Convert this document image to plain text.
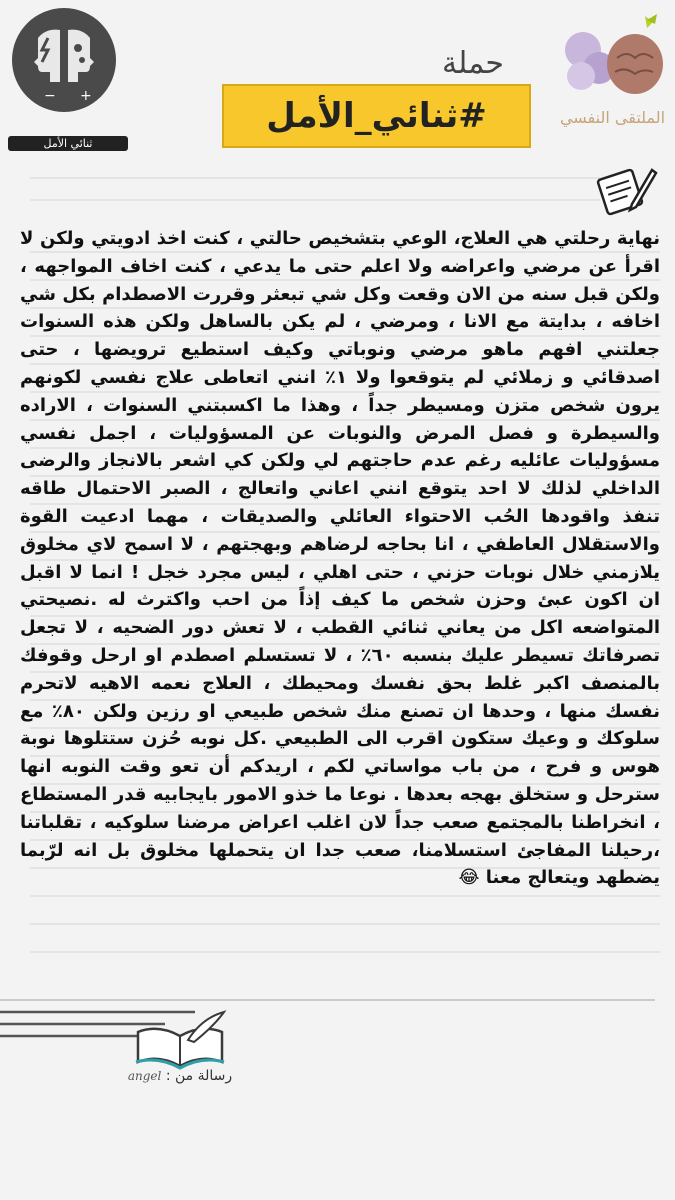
− +
ثنائي الأمل
حملة
#ثنائي_الأمل	الملتقى النفسي
نهاية رحلتي هي العلاج، الوعي بتشخيص حالتي ، كنت اخذ ادويتي ولكن لا اقرأ عن مرضي واعراضه ولا اعلم حتى ما يدعي ، كنت اخاف المواجهه ، ولكن قبل سنه من الان وقعت وكل شي تبعثر وقررت الاصطدام بكل شي اخافه ، بدايتة مع الانا ، ومرضي ، لم يكن بالساهل ولكن هذه السنوات جعلتني افهم ماهو مرضي ونوباتي وكيف استطيع ترويضها ، حتى اصدقائي و زملائي لم يتوقعوا ولا ١٪ انني اتعاطى علاج نفسي لكونهم يرون شخص متزن ومسيطر جداً ، وهذا ما اكسبتني السنوات ، الاراده والسيطرة و فصل المرض والنوبات عن المسؤوليات ، اجمل نفسي مسؤوليات عائليه رغم عدم حاجتهم لي ولكن كي اشعر بالانجاز والرضى الداخلي لذلك لا احد يتوقع انني اعاني واتعالج ، الصبر الاحتمال طاقه تنفذ واقودها الحُب الاحتواء العائلي والصديقات ، مهما ادعيت القوة والاستقلال العاطفي ، انا بحاجه لرضاهم وبهجتهم ، لا اسمح لاي مخلوق يلازمني خلال نوبات حزني ، حتى اهلي ، ليس مجرد خجل ! انما لا اقبل ان اكون عبئ وحزن شخص ما كيف إذاً من احب واكترث له .نصيحتي المتواضعه اكل من يعاني ثنائي القطب ، لا تعش دور الضحيه ، لا تجعل تصرفاتك تسيطر عليك بنسبه ٦٠٪ ، لا تستسلم اصطدم او ارحل وقوفك بالمنصف اكبر غلط بحق نفسك ومحيطك ، العلاج نعمه الاهيه لاتحرم نفسك منها ، وحدها ان تصنع منك شخص طبيعي او رزين ولكن ٨٠٪ مع سلوكك و وعيك ستكون اقرب الى الطبيعي .كل نوبه حُزن ستتلوها نوبة هوس و فرح ، من باب مواساتي لكم ، اريدكم أن تعو وقت النوبه انها سترحل و ستخلق بهجه بعدها . نوعا ما خذو الامور بايجابيه قدر المستطاع ، انخراطنا بالمجتمع صعب جداً لان اغلب اعراض مرضنا سلوكيه ، تقلباتنا ،رحيلنا المفاجئ استسلامنا، صعب جدا ان يتحملها مخلوق بل انه لرّبما يضطهد ويتعالج معنا 😂
رسالة من : angel
